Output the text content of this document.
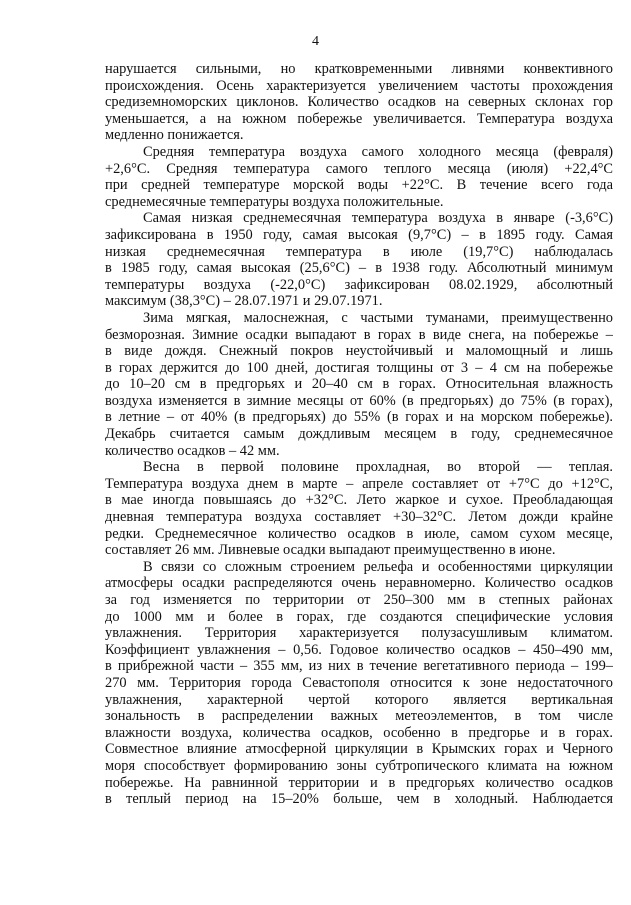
4
нарушается сильными, но кратковременными ливнями конвективного
происхождения. Осень характеризуется увеличением частоты прохождения
средиземноморских циклонов. Количество осадков на северных склонах гор
уменьшается, а на южном побережье увеличивается. Температура воздуха
медленно понижается.
Средняя температура воздуха самого холодного месяца (февраля)
+2,6°С. Средняя температура самого теплого месяца (июля) +22,4°С
при средней температуре морской воды +22°С. В течение всего года
среднемесячные температуры воздуха положительные.
Самая низкая среднемесячная температура воздуха в январе (-3,6°С)
зафиксирована в 1950 году, самая высокая (9,7°С) – в 1895 году. Самая
низкая среднемесячная температура в июле (19,7°С) наблюдалась
в 1985 году, самая высокая (25,6°С) – в 1938 году. Абсолютный минимум
температуры воздуха (-22,0°С) зафиксирован 08.02.1929, абсолютный
максимум (38,3°С) – 28.07.1971 и 29.07.1971.
Зима мягкая, малоснежная, с частыми туманами, преимущественно
безморозная. Зимние осадки выпадают в горах в виде снега, на побережье –
в виде дождя. Снежный покров неустойчивый и маломощный и лишь
в горах держится до 100 дней, достигая толщины от 3 – 4 см на побережье
до 10–20 см в предгорьях и 20–40 см в горах. Относительная влажность
воздуха изменяется в зимние месяцы от 60% (в предгорьях) до 75% (в горах),
в летние – от 40% (в предгорьях) до 55% (в горах и на морском побережье).
Декабрь считается самым дождливым месяцем в году, среднемесячное
количество осадков – 42 мм.
Весна в первой половине прохладная, во второй — теплая.
Температура воздуха днем в марте – апреле составляет от +7°С до +12°С,
в мае иногда повышаясь до +32°С. Лето жаркое и сухое. Преобладающая
дневная температура воздуха составляет +30–32°С. Летом дожди крайне
редки. Среднемесячное количество осадков в июле, самом сухом месяце,
составляет 26 мм. Ливневые осадки выпадают преимущественно в июне.
В связи со сложным строением рельефа и особенностями циркуляции
атмосферы осадки распределяются очень неравномерно. Количество осадков
за год изменяется по территории от 250–300 мм в степных районах
до 1000 мм и более в горах, где создаются специфические условия
увлажнения. Территория характеризуется полузасушливым климатом.
Коэффициент увлажнения – 0,56. Годовое количество осадков – 450–490 мм,
в прибрежной части – 355 мм, из них в течение вегетативного периода – 199–
270 мм. Территория города Севастополя относится к зоне недостаточного
увлажнения, характерной чертой которого является вертикальная
зональность в распределении важных метеоэлементов, в том числе
влажности воздуха, количества осадков, особенно в предгорье и в горах.
Совместное влияние атмосферной циркуляции в Крымских горах и Черного
моря способствует формированию зоны субтропического климата на южном
побережье. На равнинной территории и в предгорьях количество осадков
в теплый период на 15–20% больше, чем в холодный. Наблюдается
